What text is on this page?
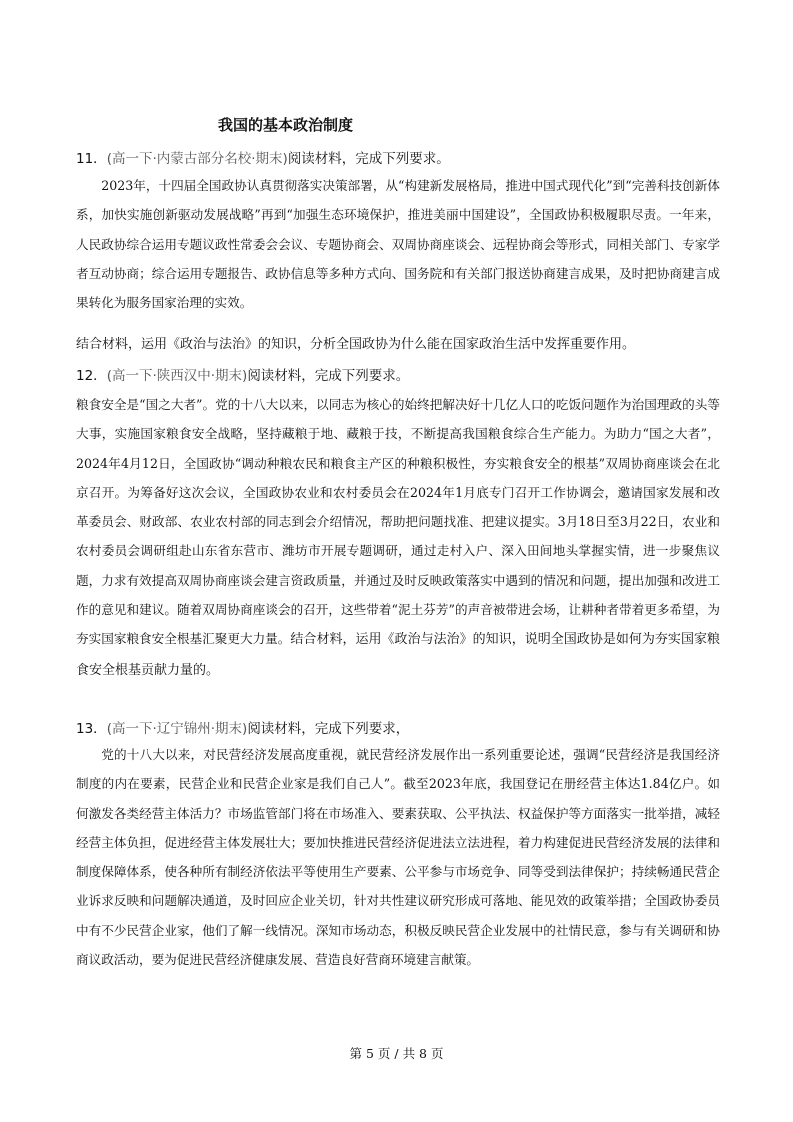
我国的基本政治制度
11．(高一下·内蒙古部分名校·期末)阅读材料，完成下列要求。

2023年，十四届全国政协认真贯彻落实决策部署，从“构建新发展格局，推进中国式现代化”到“完善科技创新体系，加快实施创新驱动发展战略”再到“加强生态环境保护，推进美丽中国建设”，全国政协积极履职尽责。一年来，人民政协综合运用专题议政性常委会会议、专题协商会、双周协商座谈会、远程协商会等形式，同相关部门、专家学者互动协商；综合运用专题报告、政协信息等多种方式向、国务院和有关部门报送协商建言成果，及时把协商建言成果转化为服务国家治理的实效。

结合材料，运用《政治与法治》的知识，分析全国政协为什么能在国家政治生活中发挥重要作用。
12．(高一下·陕西汉中·期末)阅读材料，完成下列要求。

粮食安全是“国之大者”。党的十八大以来，以同志为核心的始终把解决好十几亿人口的吃饭问题作为治国理政的头等大事，实施国家粮食安全战略，坚持藏粮于地、藏粮于技，不断提高我国粮食综合生产能力。为助力“国之大者”，2024年4月12日，全国政协“调动种粮农民和粮食主产区的种粮积极性，夯实粮食安全的根基”双周协商座谈会在北京召开。为筹备好这次会议，全国政协农业和农村委员会在2024年1月底专门召开工作协调会，邀请国家发展和改革委员会、财政部、农业农村部的同志到会介绍情况，帮助把问题找准、把建议提实。3月18日至3月22日，农业和农村委员会调研组赴山东省东营市、潍坊市开展专题调研，通过走村入户、深入田间地头掌握实情，进一步聚焦议题，力求有效提高双周协商座谈会建言资政质量，并通过及时反映政策落实中遇到的情况和问题，提出加强和改进工作的意见和建议。随着双周协商座谈会的召开，这些带着“泥土芬芳”的声音被带进会场，让耕种者带着更多希望，为夯实国家粮食安全根基汇聚更大力量。结合材料，运用《政治与法治》的知识，说明全国政协是如何为夯实国家粮食安全根基贡献力量的。

13．(高一下·辽宁锦州·期末)阅读材料，完成下列要求，

党的十八大以来，对民营经济发展高度重视，就民营经济发展作出一系列重要论述，强调“民营经济是我国经济制度的内在要素，民营企业和民营企业家是我们自己人”。截至2023年底，我国登记在册经营主体达1.84亿户。如何激发各类经营主体活力？市场监管部门将在市场准入、要素获取、公平执法、权益保护等方面落实一批举措，减轻经营主体负担，促进经营主体发展壮大；要加快推进民营经济促进法立法进程，着力构建促进民营经济发展的法律和制度保障体系，使各种所有制经济依法平等使用生产要素、公平参与市场竞争、同等受到法律保护；持续畅通民营企业诉求反映和问题解决通道，及时回应企业关切，针对共性建议研究形成可落地、能见效的政策举措；全国政协委员中有不少民营企业家，他们了解一线情况。深知市场动态，积极反映民营企业发展中的社情民意，参与有关调研和协商议政活动，要为促进民营经济健康发展、营造良好营商环境建言献策。

第 5 页 / 共 8 页
